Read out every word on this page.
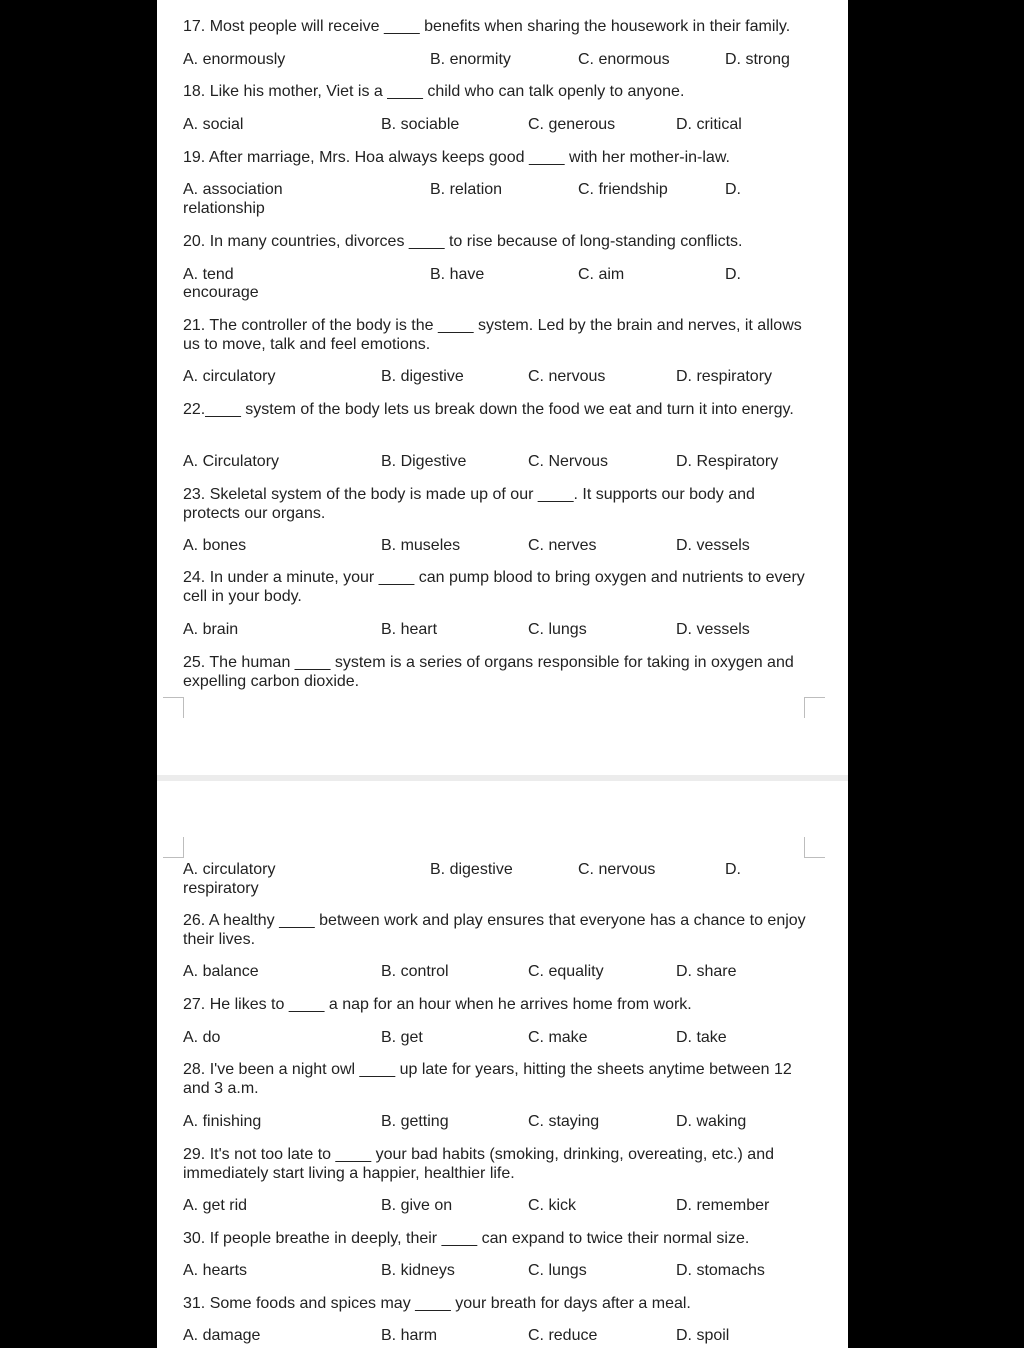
17. Most people will receive ____ benefits when sharing the housework in their family.
A. enormously	B. enormity	C. enormous	D. strong
18. Like his mother, Viet is a ____ child who can talk openly to anyone.
A. social	B. sociable	C. generous	D. critical
19. After marriage, Mrs. Hoa always keeps good ____ with her mother-in-law.
A. association	B. relation	C. friendship	D.
relationship
20. In many countries, divorces ____ to rise because of long-standing conflicts.
A. tend	B. have	C. aim	D.
encourage
21. The controller of the body is the ____ system. Led by the brain and nerves, it allows us to move, talk and feel emotions.
A. circulatory	B. digestive	C. nervous	D. respiratory
22.____ system of the body lets us break down the food we eat and turn it into energy.
A. Circulatory	B. Digestive	C. Nervous	D. Respiratory
23. Skeletal system of the body is made up of our ____. It supports our body and protects our organs.
A. bones	B. museles	C. nerves	D. vessels
24. In under a minute, your ____ can pump blood to bring oxygen and nutrients to every cell in your body.
A. brain	B. heart	C. lungs	D. vessels
25. The human ____ system is a series of organs responsible for taking in oxygen and expelling carbon dioxide.
A. circulatory	B. digestive	C. nervous	D.
respiratory
26. A healthy ____ between work and play ensures that everyone has a chance to enjoy their lives.
A. balance	B. control	C. equality	D. share
27. He likes to ____ a nap for an hour when he arrives home from work.
A. do	B. get	C. make	D. take
28. I've been a night owl ____ up late for years, hitting the sheets anytime between 12 and 3 a.m.
A. finishing	B. getting	C. staying	D. waking
29. It's not too late to ____ your bad habits (smoking, drinking, overeating, etc.) and immediately start living a happier, healthier life.
A. get rid	B. give on	C. kick	D. remember
30. If people breathe in deeply, their ____ can expand to twice their normal size.
A. hearts	B. kidneys	C. lungs	D. stomachs
31. Some foods and spices may ____ your breath for days after a meal.
A. damage	B. harm	C. reduce	D. spoil
